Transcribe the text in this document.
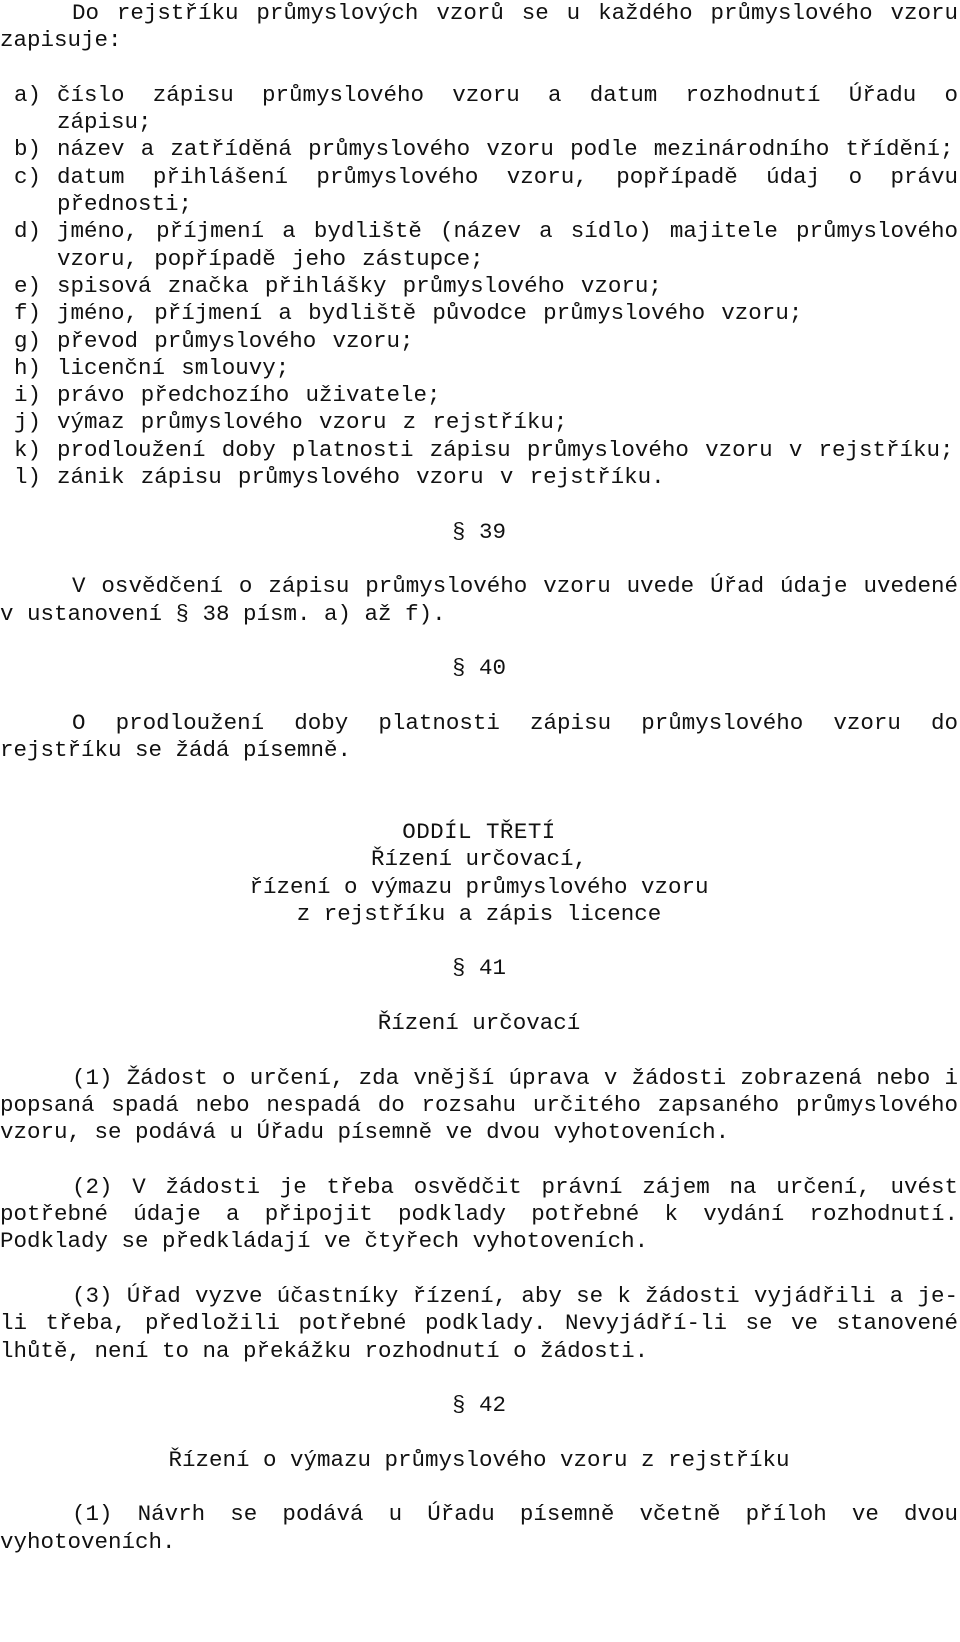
Do rejstříku průmyslových vzorů se u každého průmyslového vzoru zapisuje:

a) číslo zápisu průmyslového vzoru a datum rozhodnutí Úřadu o zápisu;
b) název a zatříděná průmyslového vzoru podle mezinárodního třídění;
c) datum přihlášení průmyslového vzoru, popřípadě údaj o právu přednosti;
d) jméno, příjmení a bydliště (název a sídlo) majitele průmyslového vzoru, popřípadě jeho zástupce;
e) spisová značka přihlášky průmyslového vzoru;
f) jméno, příjmení a bydliště původce průmyslového vzoru;
g) převod průmyslového vzoru;
h) licenční smlouvy;
i) právo předchozího uživatele;
j) výmaz průmyslového vzoru z rejstříku;
k) prodloužení doby platnosti zápisu průmyslového vzoru v rejstříku;
l) zánik zápisu průmyslového vzoru v rejstříku.

§ 39

V osvědčení o zápisu průmyslového vzoru uvede Úřad údaje uvedené v ustanovení § 38 písm. a) až f).

§ 40

O prodloužení doby platnosti zápisu průmyslového vzoru do rejstříku se žádá písemně.

ODDÍL TŘETÍ

Řízení určovací,

řízení o výmazu průmyslového vzoru

z rejstříku a zápis licence

§ 41

Řízení určovací

(1) Žádost o určení, zda vnější úprava v žádosti zobrazená nebo i popsaná spadá nebo nespadá do rozsahu určitého zapsaného průmyslového vzoru, se podává u Úřadu písemně ve dvou vyhotoveních.

(2) V žádosti je třeba osvědčit právní zájem na určení, uvést potřebné údaje a připojit podklady potřebné k vydání rozhodnutí. Podklady se předkládají ve čtyřech vyhotoveních.

(3) Úřad vyzve účastníky řízení, aby se k žádosti vyjádřili a je-li třeba, předložili potřebné podklady. Nevyjádří-li se ve stanovené lhůtě, není to na překážku rozhodnutí o žádosti.

§ 42

Řízení o výmazu průmyslového vzoru z rejstříku

(1) Návrh se podává u Úřadu písemně včetně příloh ve dvou vyhotoveních.
